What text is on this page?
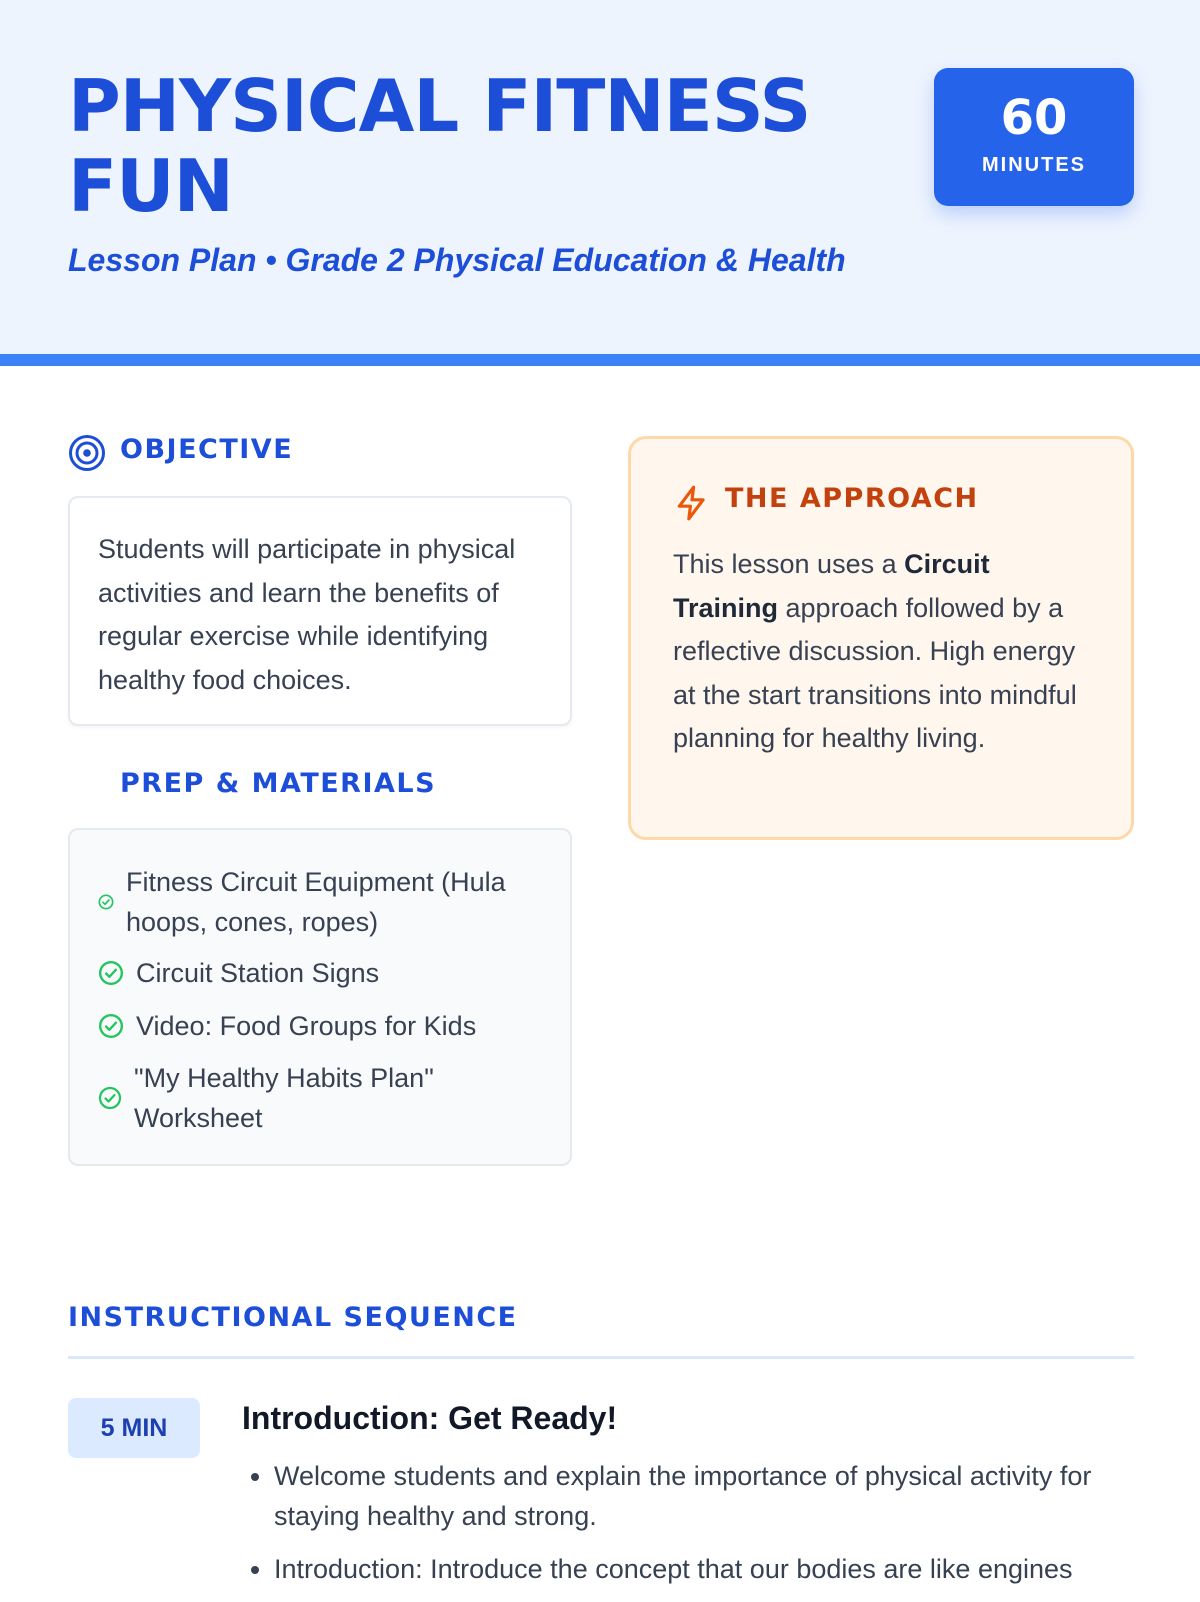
PHYSICAL FITNESS FUN
Lesson Plan • Grade 2 Physical Education & Health
60
MINUTES
OBJECTIVE
Students will participate in physical activities and learn the benefits of regular exercise while identifying healthy food choices.
PREP & MATERIALS
Fitness Circuit Equipment (Hula hoops, cones, ropes)
Circuit Station Signs
Video: Food Groups for Kids
"My Healthy Habits Plan" Worksheet
THE APPROACH

This lesson uses a Circuit Training approach followed by a reflective discussion. High energy at the start transitions into mindful planning for healthy living.

INSTRUCTIONAL SEQUENCE
5 MIN	Introduction: Get Ready!
• Welcome students and explain the importance of physical activity for staying healthy and strong.
• Introduction: Introduce the concept that our bodies are like engines
